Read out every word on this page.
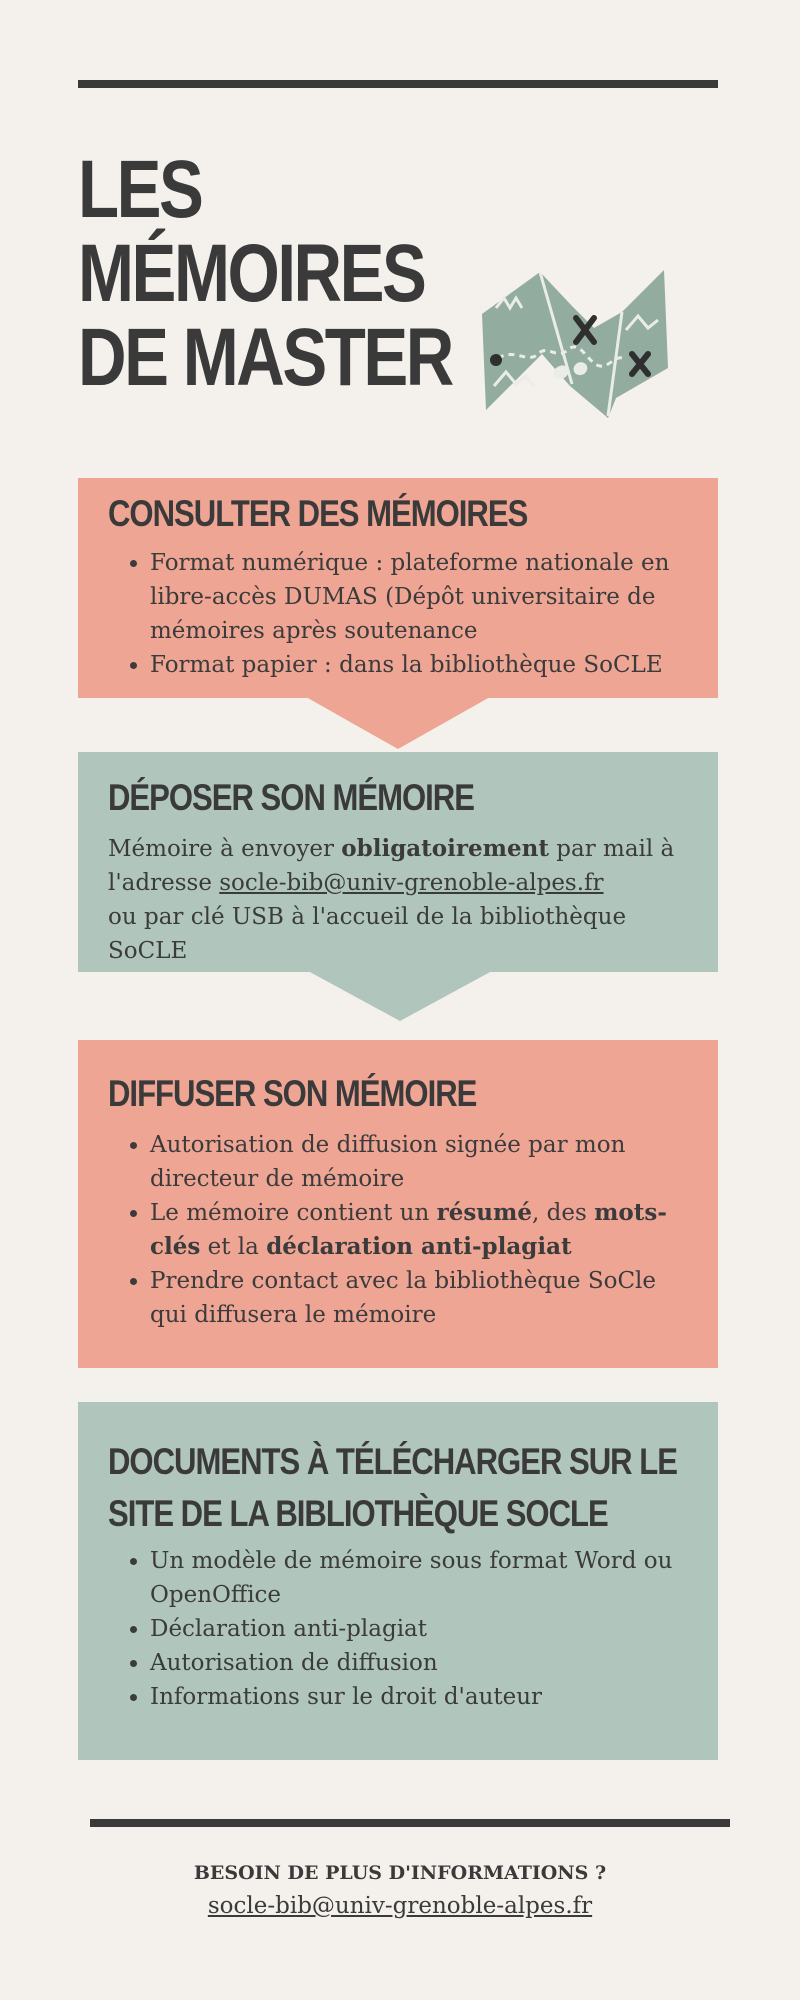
LES MÉMOIRES DE MASTER
CONSULTER DES MÉMOIRES
• Format numérique : plateforme nationale en libre-accès DUMAS (Dépôt universitaire de mémoires après soutenance
• Format papier : dans la bibliothèque SoCLE
DÉPOSER SON MÉMOIRE

Mémoire à envoyer obligatoirement par mail à
l'adresse socle-bib@univ-grenoble-alpes.fr
ou par clé USB à l'accueil de la bibliothèque SoCLE

DIFFUSER SON MÉMOIRE
• Autorisation de diffusion signée par mon directeur de mémoire
• Le mémoire contient un résumé, des mots-clés et la déclaration anti-plagiat
• Prendre contact avec la bibliothèque SoCle qui diffusera le mémoire
DOCUMENTS À TÉLÉCHARGER SUR LE SITE DE LA BIBLIOTHÈQUE SOCLE
• Un modèle de mémoire sous format Word ou OpenOffice
• Déclaration anti-plagiat
• Autorisation de diffusion
• Informations sur le droit d'auteur

BESOIN DE PLUS D'INFORMATIONS ?

socle-bib@univ-grenoble-alpes.fr
